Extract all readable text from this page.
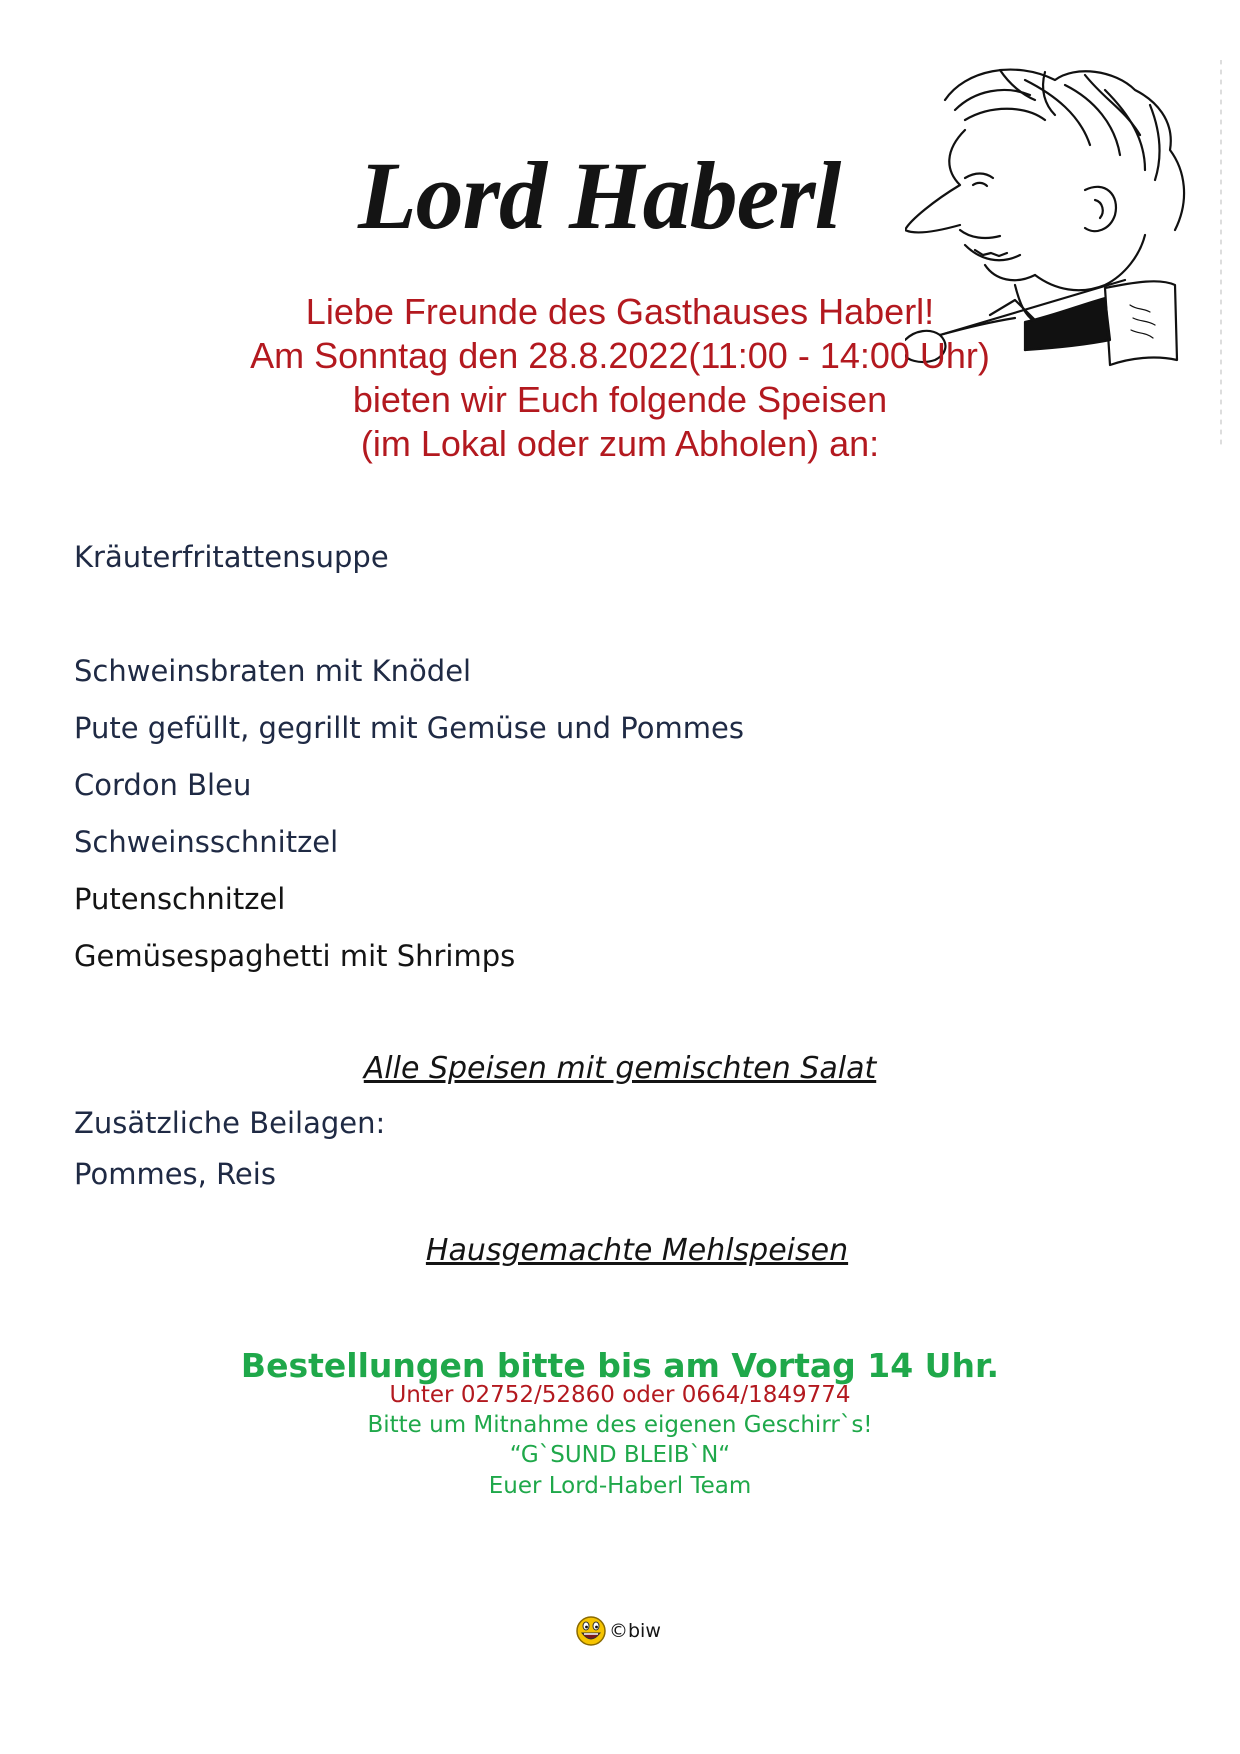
Lord Haberl
Liebe Freunde des Gasthauses Haberl!
Am Sonntag den 28.8.2022(11:00 - 14:00 Uhr)
bieten wir Euch folgende Speisen
(im Lokal oder zum Abholen) an:
Kräuterfritattensuppe
Schweinsbraten mit Knödel
Pute gefüllt, gegrillt mit Gemüse und Pommes
Cordon Bleu
Schweinsschnitzel
Putenschnitzel
Gemüsespaghetti mit Shrimps
Alle Speisen mit gemischten Salat
Zusätzliche Beilagen:
Pommes, Reis
Hausgemachte Mehlspeisen
Bestellungen bitte bis am Vortag 14 Uhr.
Unter 02752/52860 oder 0664/1849774
Bitte um Mitnahme des eigenen Geschirr`s!
“G`SUND BLEIB`N“
Euer Lord-Haberl Team
©biw
